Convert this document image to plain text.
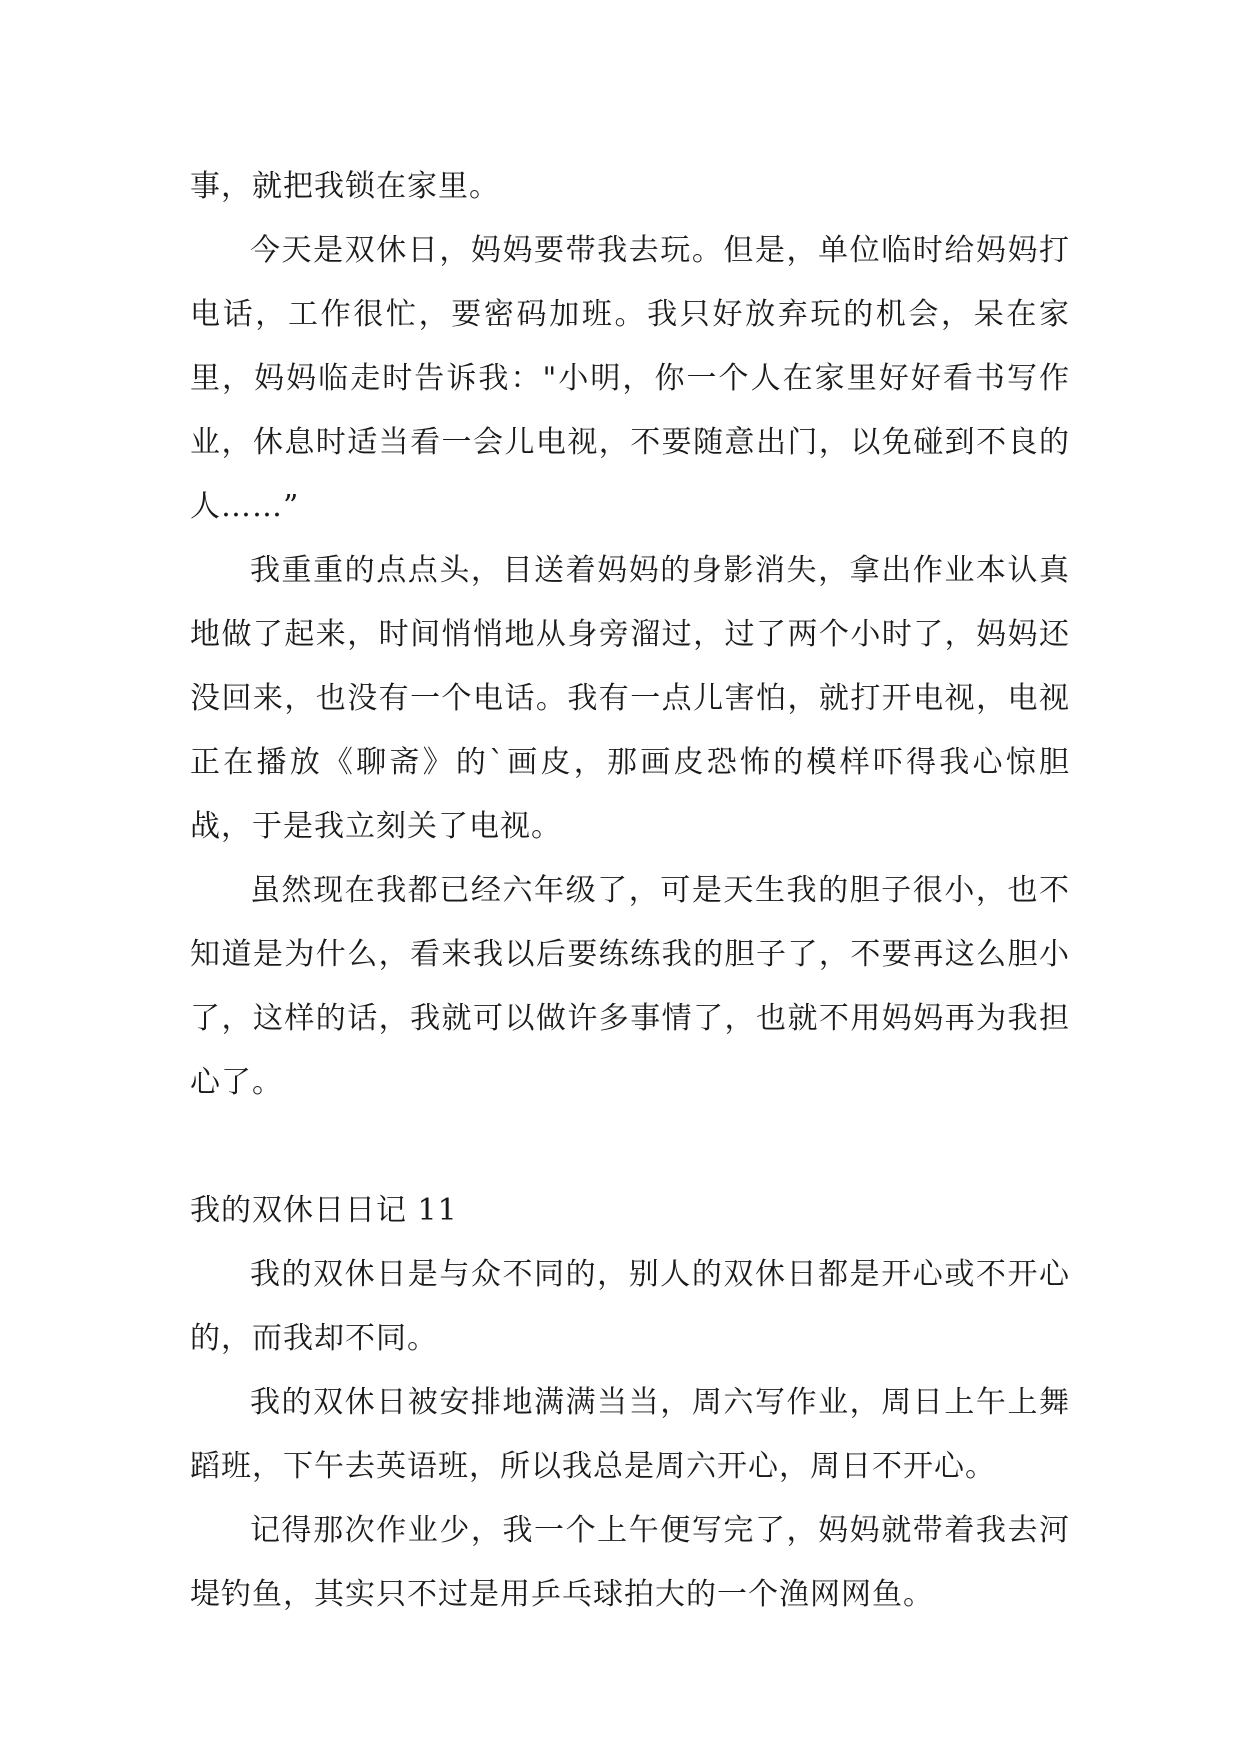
事，就把我锁在家里。

今天是双休日，妈妈要带我去玩。但是，单位临时给妈妈打电话，工作很忙，要密码加班。我只好放弃玩的机会，呆在家里，妈妈临走时告诉我："小明，你一个人在家里好好看书写作业，休息时适当看一会儿电视，不要随意出门，以免碰到不良的人……”

我重重的点点头，目送着妈妈的身影消失，拿出作业本认真地做了起来，时间悄悄地从身旁溜过，过了两个小时了，妈妈还没回来，也没有一个电话。我有一点儿害怕，就打开电视，电视正在播放《聊斋》的`画皮，那画皮恐怖的模样吓得我心惊胆战，于是我立刻关了电视。

虽然现在我都已经六年级了，可是天生我的胆子很小，也不知道是为什么，看来我以后要练练我的胆子了，不要再这么胆小了，这样的话，我就可以做许多事情了，也就不用妈妈再为我担心了。

我的双休日日记 11

我的双休日是与众不同的，别人的双休日都是开心或不开心的，而我却不同。

我的双休日被安排地满满当当，周六写作业，周日上午上舞蹈班，下午去英语班，所以我总是周六开心，周日不开心。

记得那次作业少，我一个上午便写完了，妈妈就带着我去河堤钓鱼，其实只不过是用乒乓球拍大的一个渔网网鱼。
